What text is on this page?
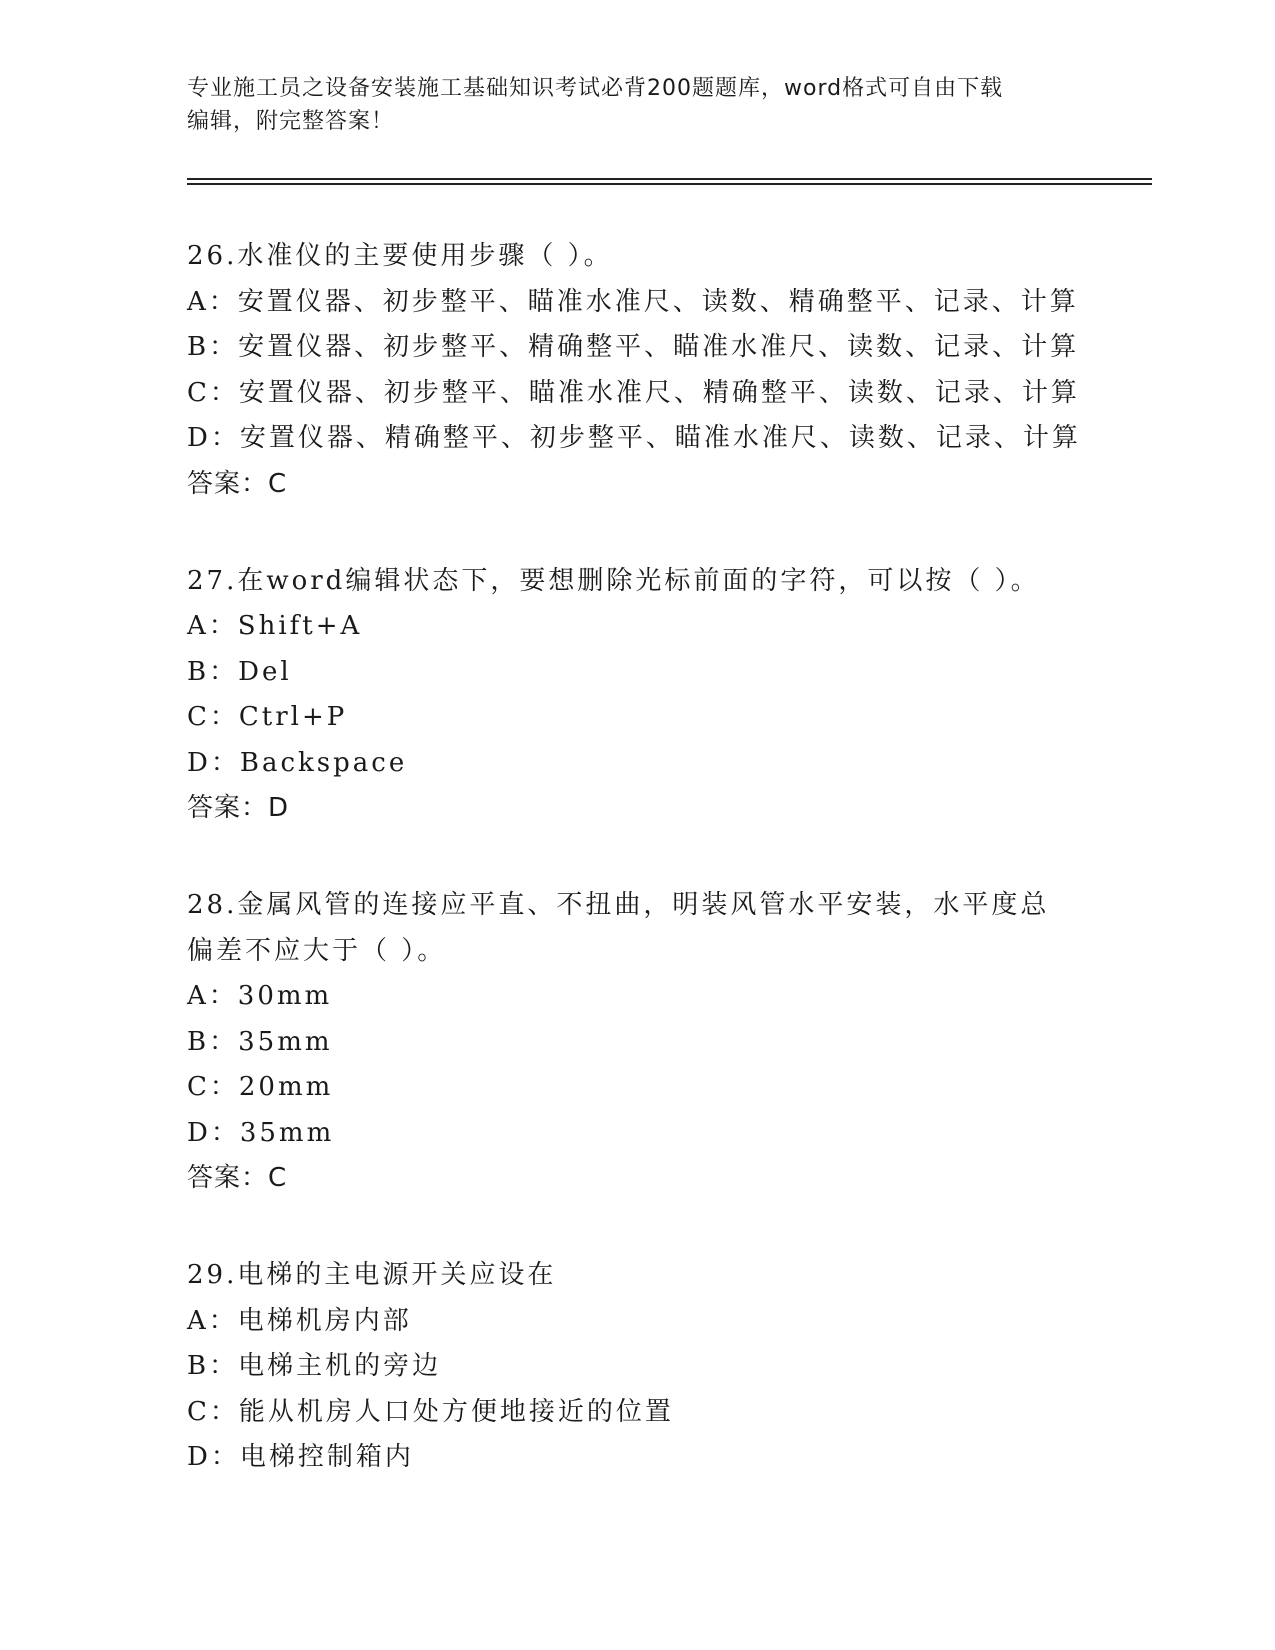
专业施工员之设备安装施工基础知识考试必背200题题库，word格式可自由下载
编辑，附完整答案！
26.水准仪的主要使用步骤（ ）。
A：安置仪器、初步整平、瞄准水准尺、读数、精确整平、记录、计算
B：安置仪器、初步整平、精确整平、瞄准水准尺、读数、记录、计算
C：安置仪器、初步整平、瞄准水准尺、精确整平、读数、记录、计算
D：安置仪器、精确整平、初步整平、瞄准水准尺、读数、记录、计算
答案：C
27.在word编辑状态下，要想删除光标前面的字符，可以按（ ）。
A：Shift+A
B：Del
C：Ctrl+P
D：Backspace
答案：D
28.金属风管的连接应平直、不扭曲，明装风管水平安装，水平度总偏差不应大于（ ）。
A：30mm
B：35mm
C：20mm
D：35mm
答案：C
29.电梯的主电源开关应设在
A：电梯机房内部
B：电梯主机的旁边
C：能从机房人口处方便地接近的位置
D：电梯控制箱内
